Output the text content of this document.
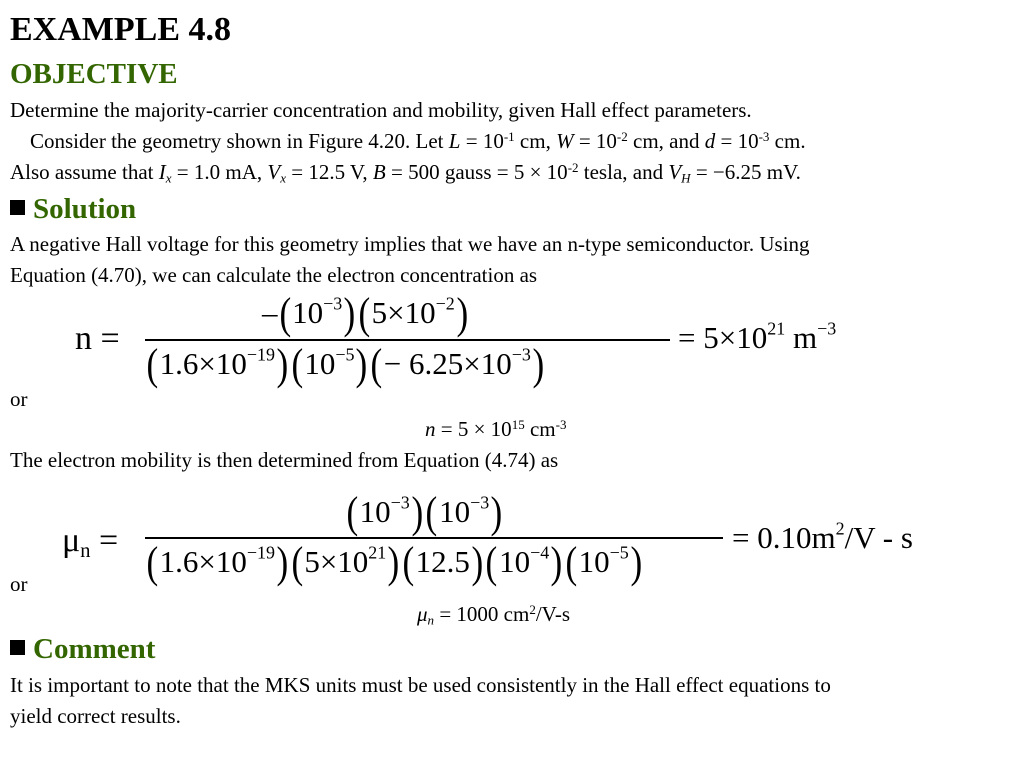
EXAMPLE 4.8
OBJECTIVE
Determine the majority-carrier concentration and mobility, given Hall effect parameters.
Consider the geometry shown in Figure 4.20. Let $L = 10^{-1}$ cm, $W = 10^{-2}$ cm, and $d = 10^{-3}$ cm.
Also assume that $I_x = 1.0$ mA, $V_x = 12.5$ V, B = 500 gauss = $5 \times 10^{-2}$ tesla, and $V_H = -6.25$ mV.
Solution
A negative Hall voltage for this geometry implies that we have an n-type semiconductor. Using
Equation (4.70), we can calculate the electron concentration as
n =
$-(10^{-3})(5\times 10^{-2})$
$(1.6\times 10^{-19})(10^{-5})(- 6.25\times 10^{-3})$
= $5\times 10^{21}$ $m^{-3}$
or
$n = 5 \times 10^{15}$ $cm^{-3}$
The electron mobility is then determined from Equation (4.74) as
$\mu_n$ =
$(10^{-3})(10^{-3})$
$(1.6\times 10^{-19})(5\times 10^{21})(12.5)(10^{-4})(10^{-5})$
= $0.10m^2/V$ - s
or
$\mu_n = 1000$ $cm^2/V-s$
Comment
It is important to note that the MKS units must be used consistently in the Hall effect equations to
yield correct results.
